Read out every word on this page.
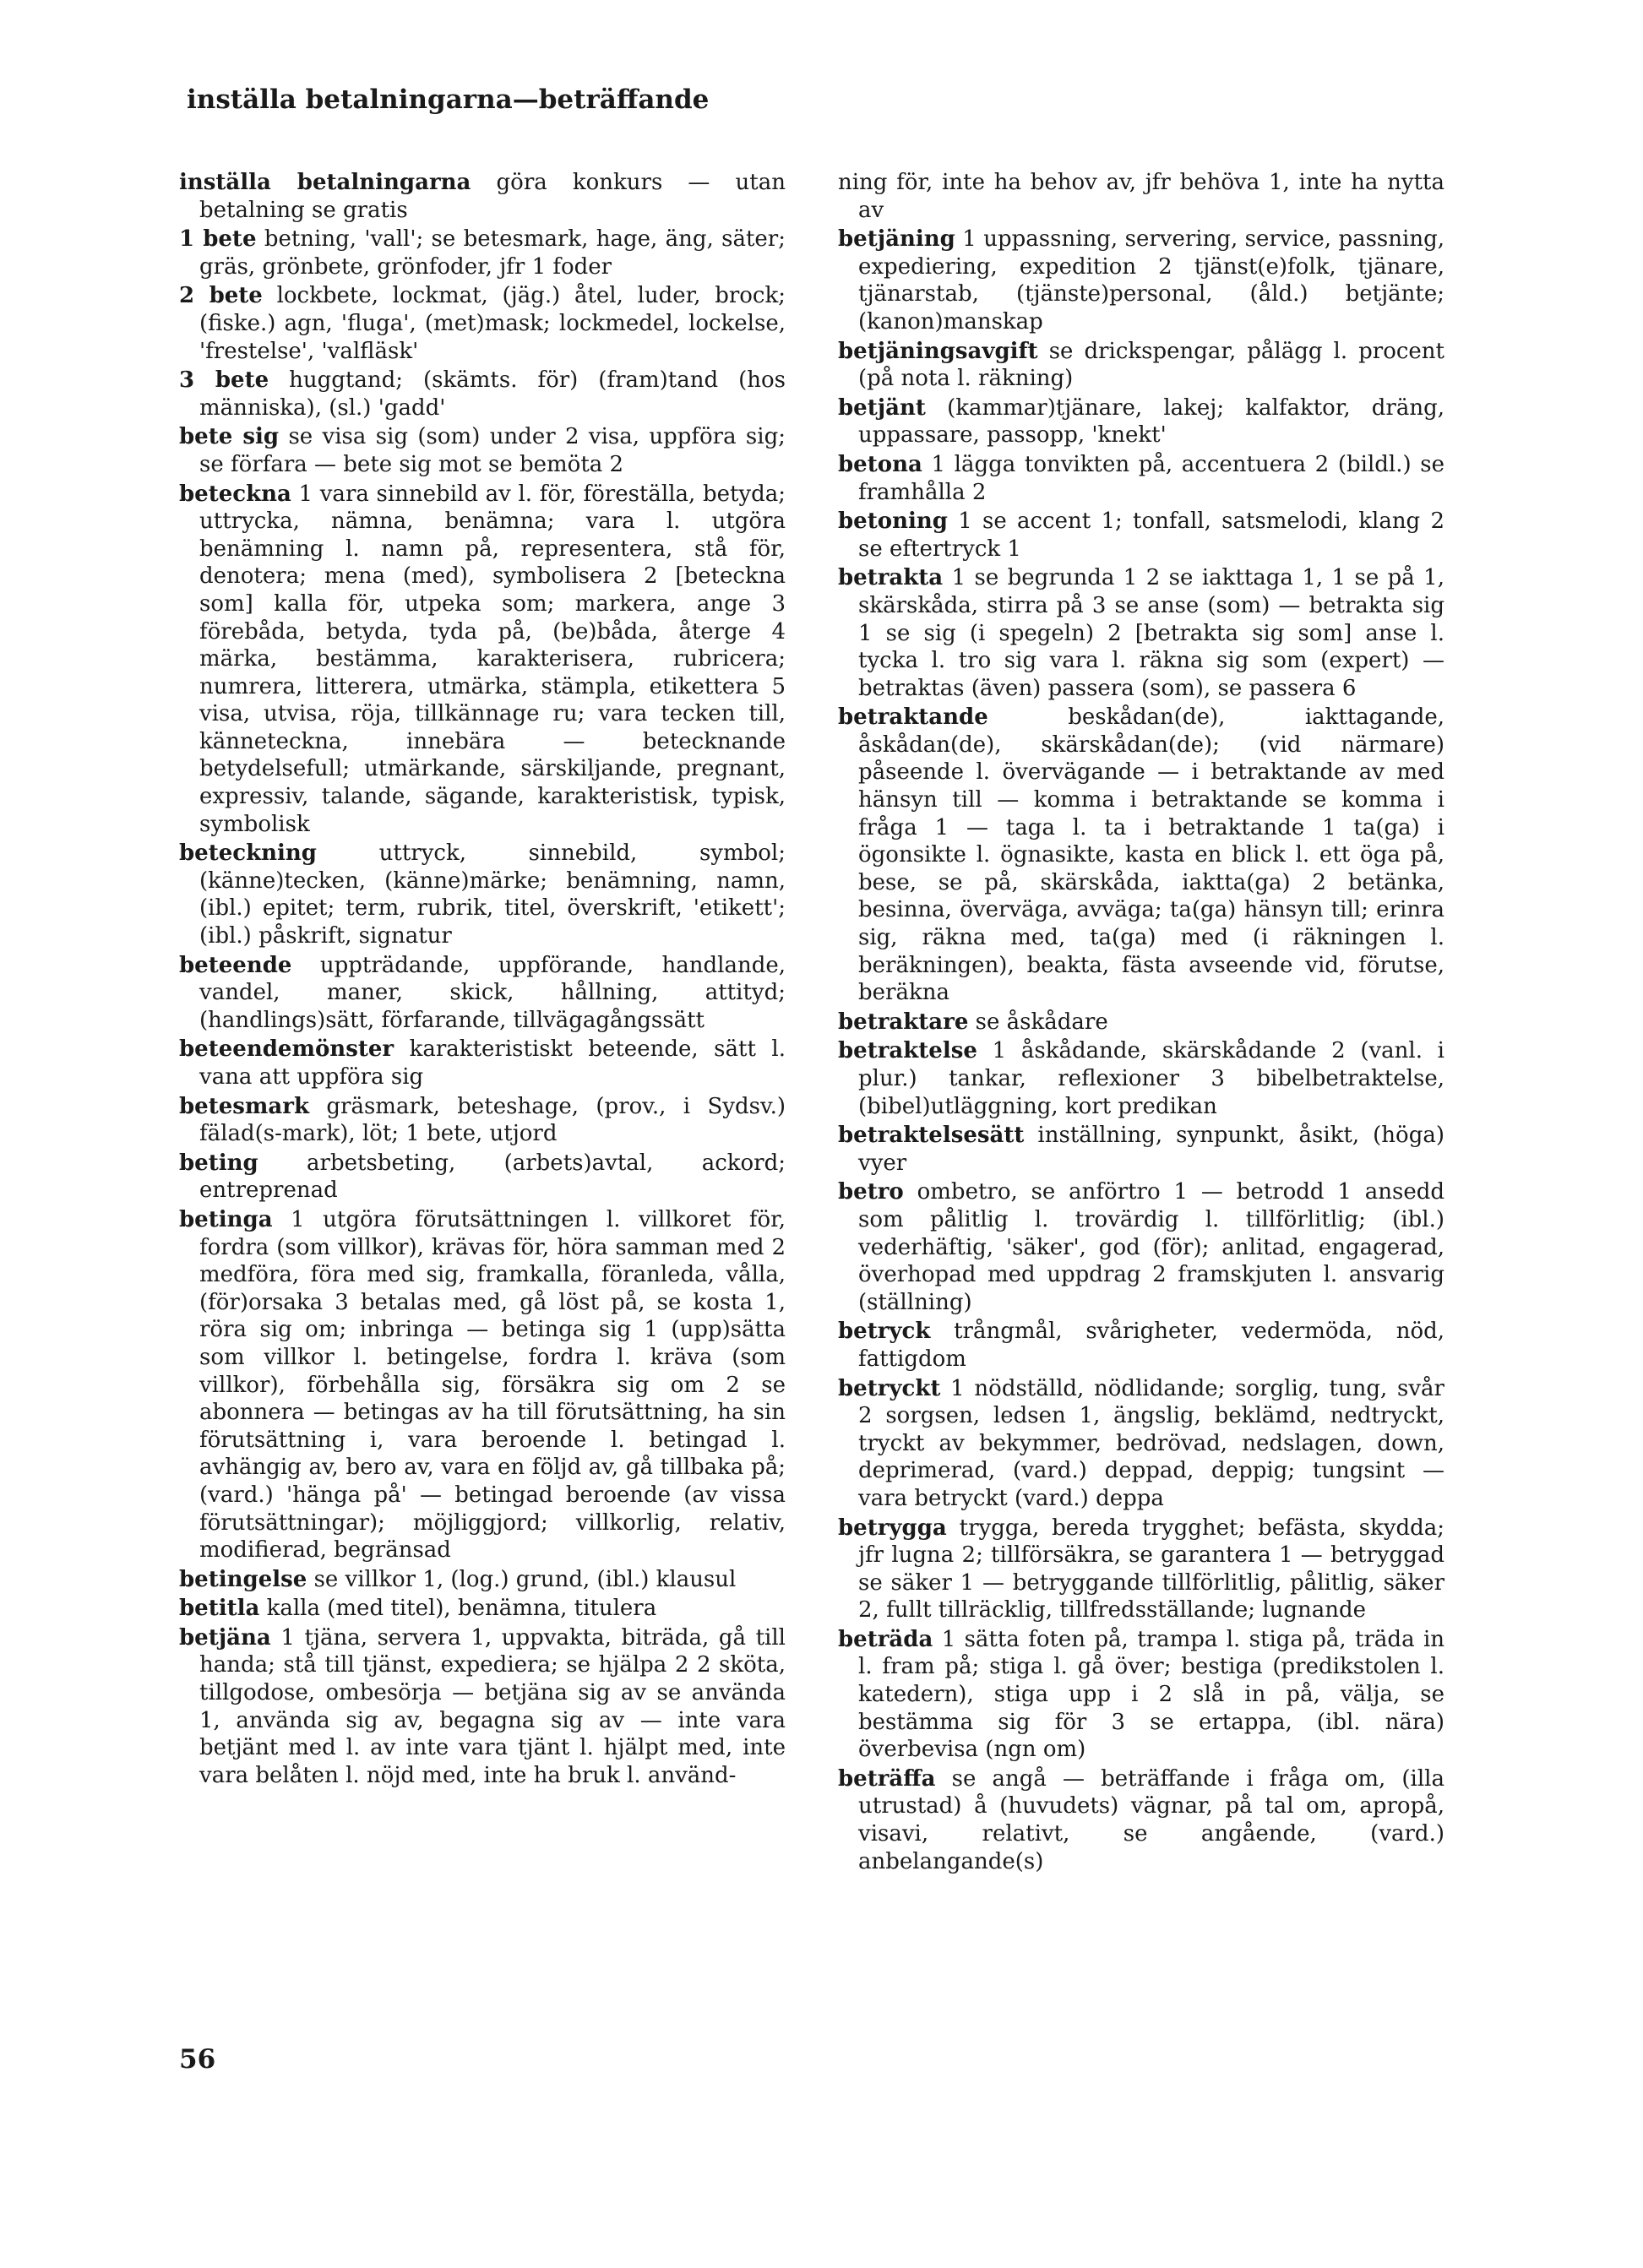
inställa betalningarna—beträffande

inställa betalningarna göra konkurs — utan betalning se gratis

1 bete betning, 'vall'; se betesmark, hage, äng, säter; gräs, grönbete, grönfoder, jfr 1 foder

2 bete lockbete, lockmat, (jäg.) åtel, luder, brock; (fiske.) agn, 'fluga', (met)mask; lockmedel, lockelse, 'frestelse', 'valfläsk'

3 bete huggtand; (skämts. för) (fram)tand (hos människa), (sl.) 'gadd'

bete sig se visa sig (som) under 2 visa, uppföra sig; se förfara — bete sig mot se bemöta 2

beteckna 1 vara sinnebild av l. för, föreställa, betyda; uttrycka, nämna, benämna; vara l. utgöra benämning l. namn på, representera, stå för, denotera; mena (med), symbolisera 2 [beteckna som] kalla för, utpeka som; markera, ange 3 förebåda, betyda, tyda på, (be)båda, återge 4 märka, bestämma, karakterisera, rubricera; numrera, litterera, utmärka, stämpla, etikettera 5 visa, utvisa, röja, tillkännage ru; vara tecken till, känneteckna, innebära — betecknande betydelsefull; utmärkande, särskiljande, pregnant, expressiv, talande, sägande, karakteristisk, typisk, symbolisk

beteckning	uttryck, sinnebild, symbol; (känne)tecken, (känne)märke; benämning, namn, (ibl.) epitet; term, rubrik, titel, överskrift, 'etikett'; (ibl.) påskrift, signatur

beteende uppträdande, uppförande, handlande, vandel, maner, skick, hållning, attityd; (handlings)sätt, förfarande, tillvägagångssätt

beteendemönster karakteristiskt beteende, sätt l. vana att uppföra sig

betesmark gräsmark, beteshage, (prov., i Sydsv.) fälad(s-mark), löt; 1 bete, utjord

beting arbetsbeting, (arbets)avtal, ackord; entreprenad

betinga 1 utgöra förutsättningen l. villkoret för, fordra (som villkor), krävas för, höra samman med 2 medföra, föra med sig, framkalla, föranleda, vålla, (för)orsaka 3 betalas med, gå löst på, se kosta 1, röra sig om; inbringa — betinga sig 1 (upp)sätta som villkor l. betingelse, fordra l. kräva (som villkor), förbehålla sig, försäkra sig om 2 se abonnera — betingas av ha till förutsättning, ha sin förutsättning i, vara beroende l. betingad l. avhängig av, bero av, vara en följd av, gå tillbaka på; (vard.) 'hänga på' — betingad beroende (av vissa förutsättningar); möjliggjord; villkorlig, relativ, modifierad, begränsad

betingelse se villkor 1, (log.) grund, (ibl.) klausul

betitla kalla (med titel), benämna, titulera

betjäna 1 tjäna, servera 1, uppvakta, biträda, gå till handa; stå till tjänst, expediera; se hjälpa 2 2 sköta, tillgodose, ombesörja — betjäna sig av se använda 1, använda sig av, begagna sig av — inte vara betjänt med l. av inte vara tjänt l. hjälpt med, inte vara belåten l. nöjd med, inte ha bruk l. använd-

ning för, inte ha behov av, jfr behöva 1, inte ha nytta av

betjäning 1 uppassning, servering, service, passning, expediering, expedition 2 tjänst(e)folk, tjänare, tjänarstab, (tjänste)personal, (åld.) betjänte; (kanon)manskap

betjäningsavgift se drickspengar, pålägg l. procent (på nota l. räkning)

betjänt (kammar)tjänare, lakej; kalfaktor, dräng, uppassare, passopp, 'knekt'

betona 1 lägga tonvikten på, accentuera 2 (bildl.) se framhålla 2

betoning 1 se accent 1; tonfall, satsmelodi, klang 2 se eftertryck 1

betrakta 1 se begrunda 1 2 se iakttaga 1, 1 se på 1, skärskåda, stirra på 3 se anse (som) — betrakta sig 1 se sig (i spegeln) 2 [betrakta sig som] anse l. tycka l. tro sig vara l. räkna sig som (expert) — betraktas (även) passera (som), se passera 6

betraktande	beskådan(de), iakttagande, åskådan(de), skärskådan(de); (vid närmare) påseende l. övervägande — i betraktande av med hänsyn till — komma i betraktande se komma i fråga 1 — taga l. ta i betraktande 1 ta(ga) i ögonsikte l. ögnasikte, kasta en blick l. ett öga på, bese, se på, skärskåda, iaktta(ga) 2 betänka, besinna, överväga, avväga; ta(ga) hänsyn till; erinra sig, räkna med, ta(ga) med (i räkningen l. beräkningen), beakta, fästa avseende vid, förutse, beräkna

betraktare se åskådare

betraktelse 1 åskådande, skärskådande 2 (vanl. i plur.) tankar, reflexioner 3 bibelbetraktelse, (bibel)utläggning, kort predikan

betraktelsesätt inställning, synpunkt, åsikt, (höga) vyer

betro ombetro, se anförtro 1 — betrodd 1 ansedd som pålitlig l. trovärdig l. tillförlitlig; (ibl.) vederhäftig, 'säker', god (för); anlitad, engagerad, överhopad med uppdrag 2 framskjuten l. ansvarig (ställning)

betryck trångmål, svårigheter, vedermöda, nöd, fattigdom

betryckt 1 nödställd, nödlidande; sorglig, tung, svår 2 sorgsen, ledsen 1, ängslig, beklämd, nedtryckt, tryckt av bekymmer, bedrövad, nedslagen, down, deprimerad, (vard.) deppad, deppig; tungsint — vara betryckt (vard.) deppa

betrygga trygga, bereda trygghet; befästa, skydda; jfr lugna 2; tillförsäkra, se garantera 1 — betryggad se säker 1 — betryggande tillförlitlig, pålitlig, säker 2, fullt tillräcklig, tillfredsställande; lugnande

beträda 1 sätta foten på, trampa l. stiga på, träda in l. fram på; stiga l. gå över; bestiga (predikstolen l. katedern), stiga upp i 2 slå in på, välja, se bestämma sig för 3 se ertappa, (ibl. nära) överbevisa (ngn om)

beträffa se angå — beträffande i fråga om, (illa utrustad) å (huvudets) vägnar, på tal om, apropå, visavi, relativt, se angående, (vard.) anbelangande(s)

56
